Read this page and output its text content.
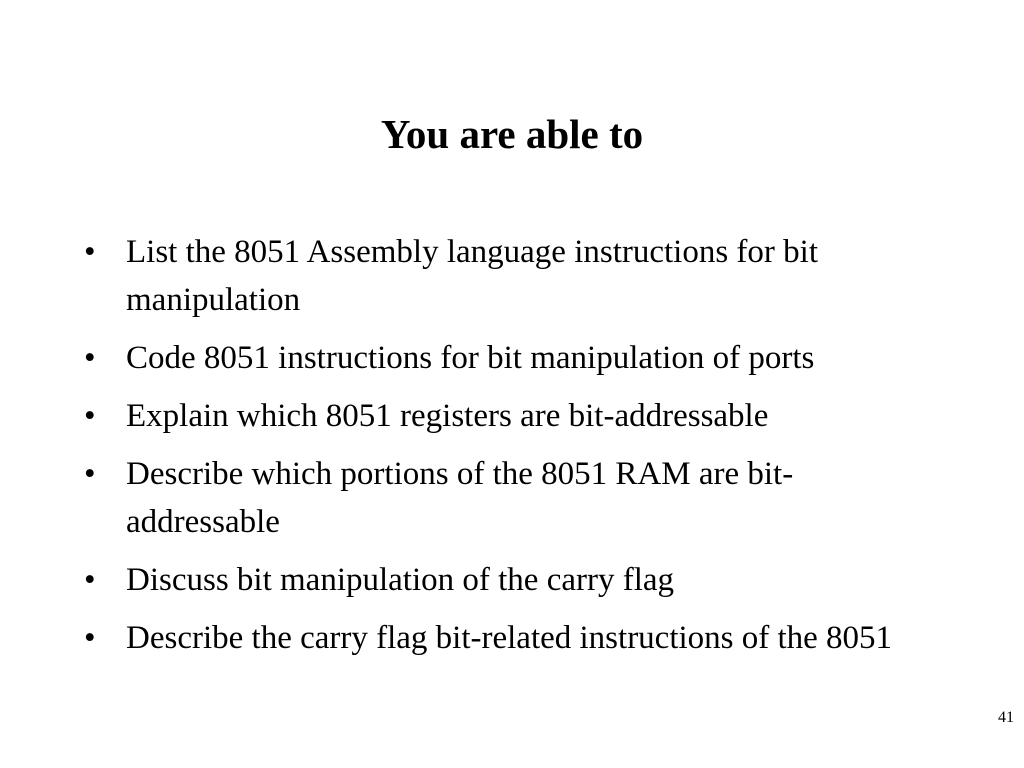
You are able to
• List the 8051 Assembly language instructions for bit manipulation
• Code 8051 instructions for bit manipulation of ports
• Explain which 8051 registers are bit-addressable
• Describe which portions of the 8051 RAM are bit-addressable
• Discuss bit manipulation of the carry flag
• Describe the carry flag bit-related instructions of the 8051
41
